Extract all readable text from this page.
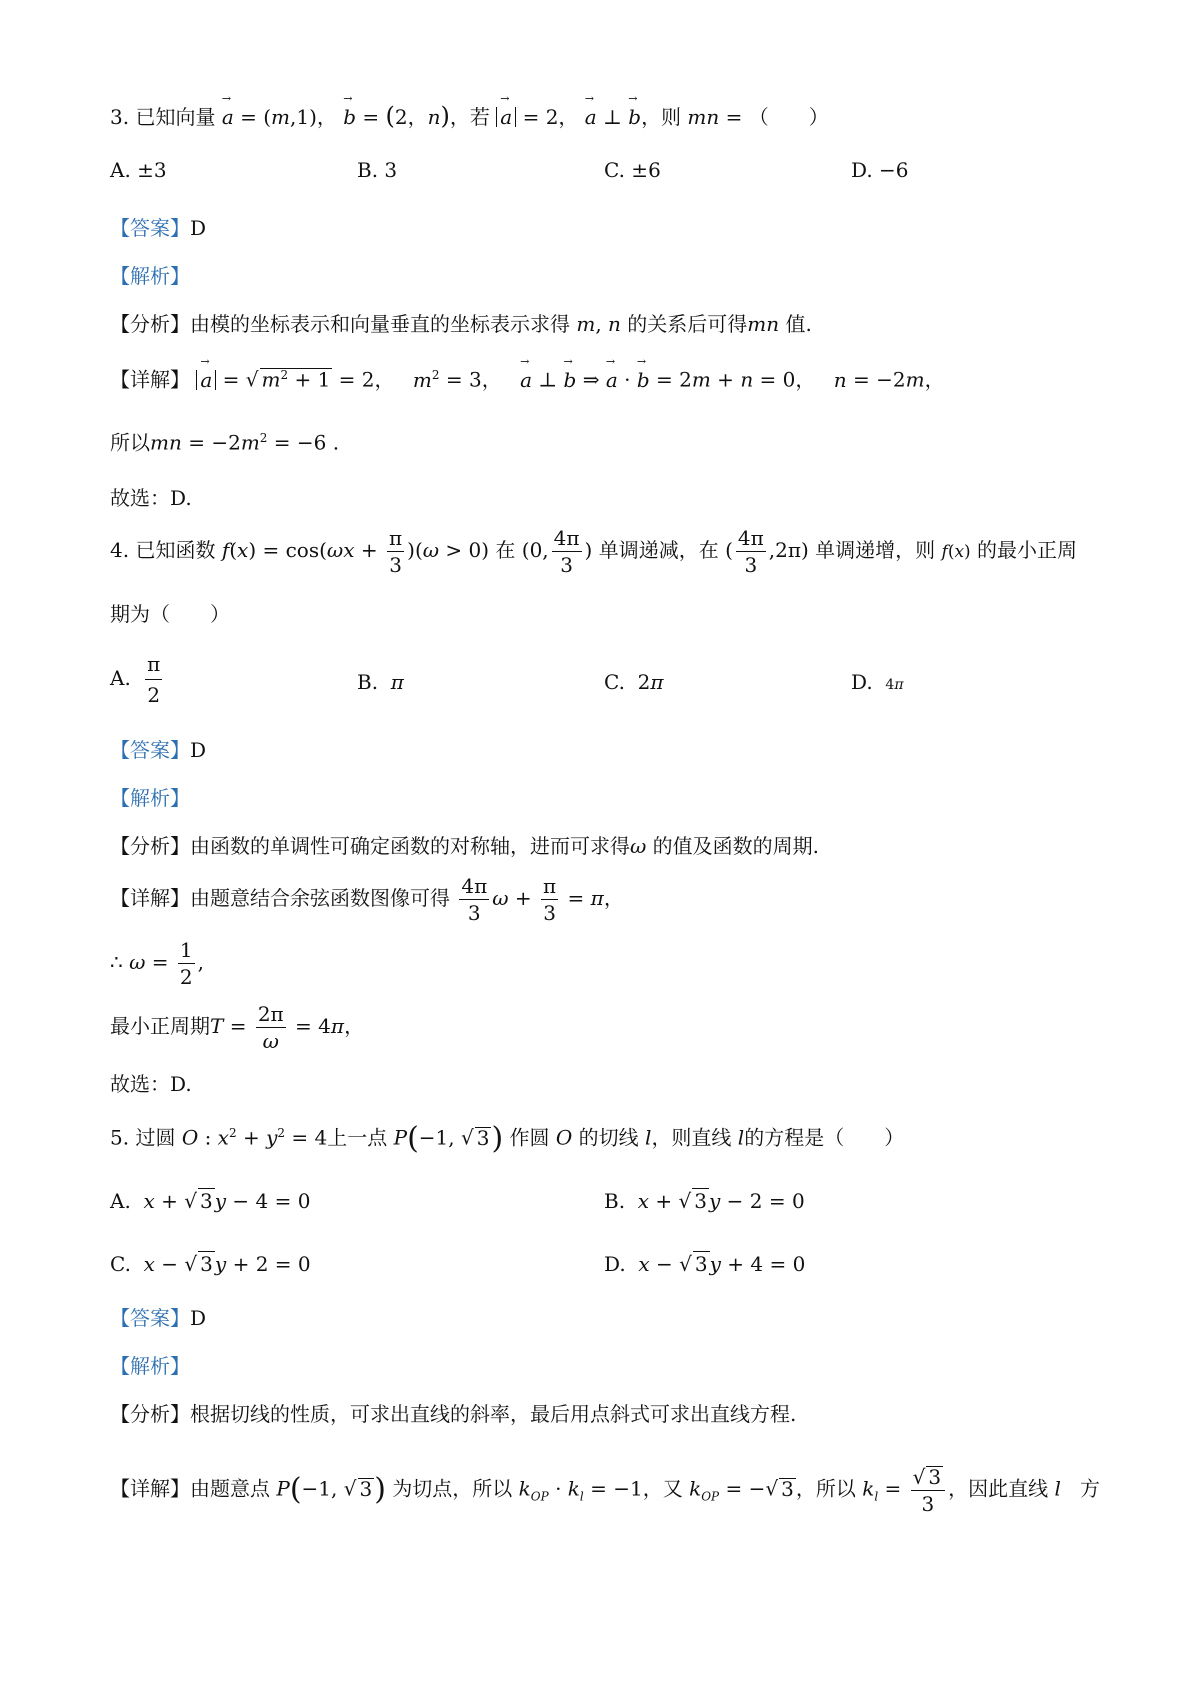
3. 已知向量 → a = (m,1)， → b = (2，n)，若 → a = 2， → a ⊥ → b，则 mn = （　　）
A. ±3	B. 3	C. ±6	D. −6
【答案】D
【解析】
【分析】由模的坐标表示和向量垂直的坐标表示求得 m, n 的关系后可得mn 值.
【详解】 → a = √ $m^2 + 1 = 2$， $m^2 = 3$， → a ⊥ → b ⇒ → a · → b = 2m + n = 0， n = −2m，
所以mn = $-2m^2 = -6$ .
故选：D.
4. 已知函数 $f(x) = \cos(\omega x + \frac{\pi}{3} )(\omega > 0)$ 在 (0, $\frac{4\pi}{3}$ ) 单调递减，在 ( $\frac{4\pi}{3} ,2\pi$) 单调递增，则 f(x) 的最小正周
期为（　　）
A. $\frac{\pi}{2}$	B. π	C.  2π	D. 4π
【答案】D
【解析】
【分析】由函数的单调性可确定函数的对称轴，进而可求得ω 的值及函数的周期.
【详解】由题意结合余弦函数图像可得 $\frac{4\pi}{3}$ $\omega + \frac{\pi}{3} = \pi$，
∴ $\omega = \frac{1}{2}$ ,
最小正周期$T = \frac{2\pi}{\omega} = 4\pi$，
故选：D.
5. 过圆 O : $x^2 + y^2 = 4$上一点 P(−1, √ 3) 作圆 O 的切线 l，则直线 l的方程是（　　）
A. x + √ 3 y − 4 = 0	B. x + √ 3 y − 2 = 0
C. x − √ 3 y + 2 = 0	D. x − √ 3 y + 4 = 0
【答案】D
【解析】
【分析】根据切线的性质，可求出直线的斜率，最后用点斜式可求出直线方程.
【详解】由题意点 P(−1, √ 3) 为切点，所以 $k_{OP} \cdot k_l = -1$，又 $k_{OP}$ = −√ 3 ，所以 $k_l = \frac{√ 3}{3}$ ，因此直线 l 方
